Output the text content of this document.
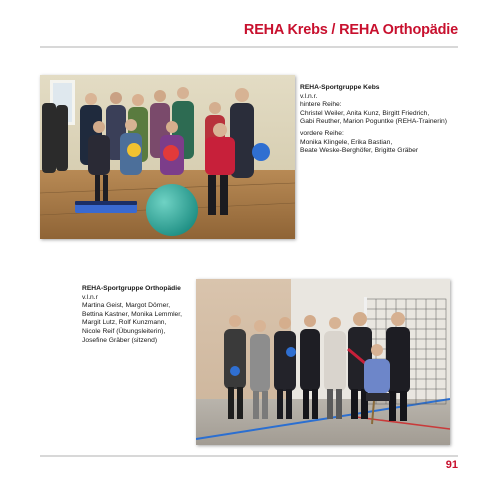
REHA Krebs / REHA Orthopädie
REHA-Sportgruppe Kebs
v.l.n.r.
hintere Reihe:
Christel Weiler, Anita Kunz, Birgitt Friedrich,
Gabi Reuther, Marion Poguntke (REHA-Trainerin)
vordere Reihe:
Monika Klingele, Erika Bastian,
Beate Weske-Berghöfer, Brigitte Gräber
REHA-Sportgruppe Orthopädie
v.l.n.r
Martina Geist, Margot Dörner,
Bettina Kastner, Monika Lemmler,
Margit Lutz, Rolf Kunzmann,
Nicole Reif (Übungsleiterin),
Josefine Gräber (sitzend)
91
